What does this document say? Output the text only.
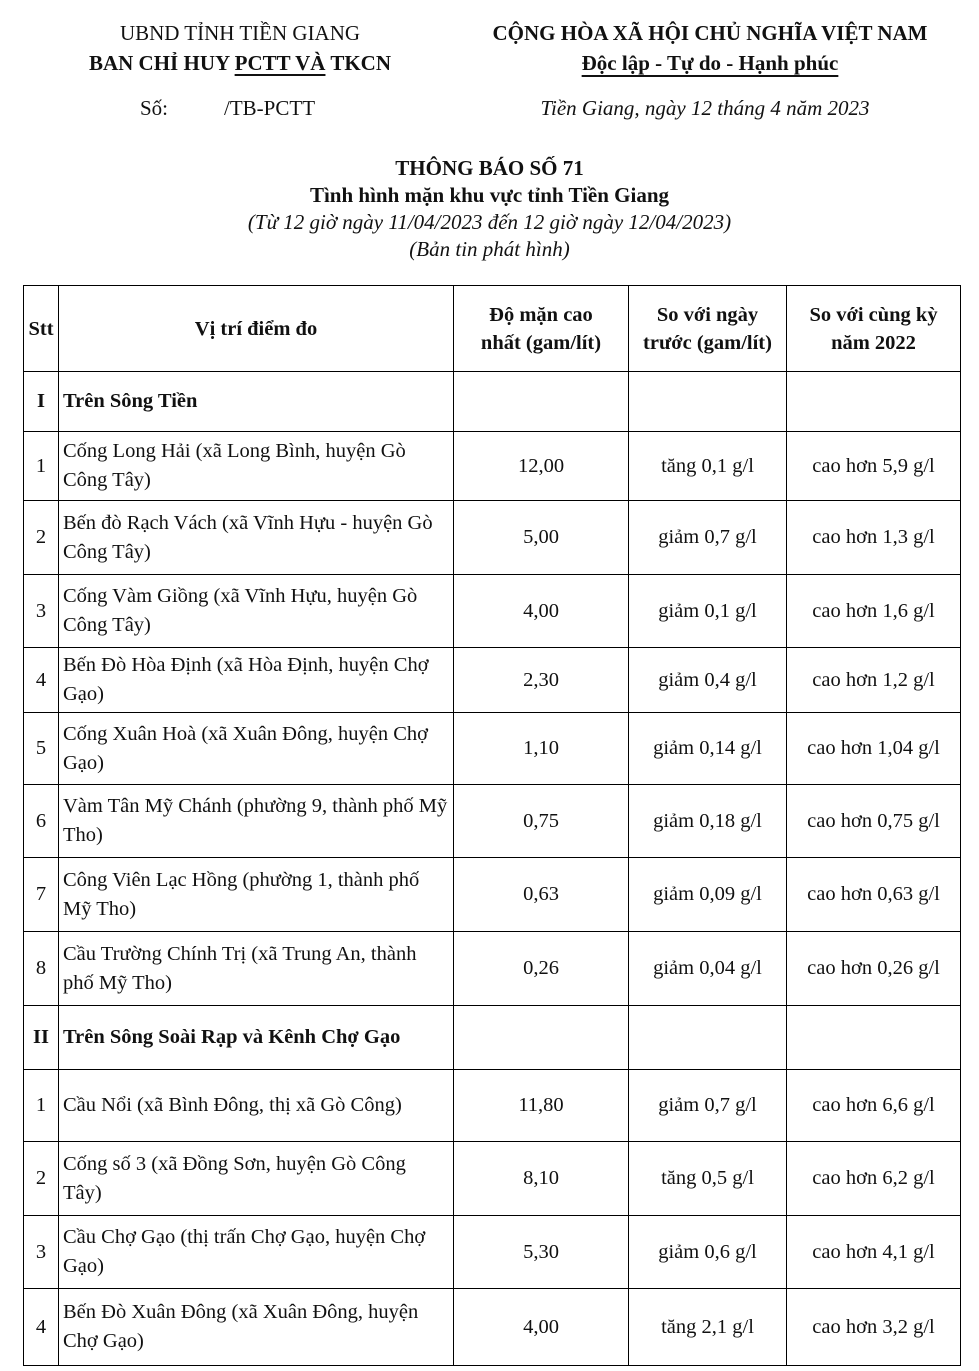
UBND TỈNH TIỀN GIANG
BAN CHỈ HUY PCTT VÀ TKCN
CỘNG HÒA XÃ HỘI CHỦ NGHĨA VIỆT NAM
Độc lập - Tự do - Hạnh phúc
Số:	/TB-PCTT	Tiền Giang, ngày 12 tháng 4 năm 2023
THÔNG BÁO SỐ 71
Tình hình mặn khu vực tỉnh Tiền Giang
(Từ 12 giờ ngày 11/04/2023 đến 12 giờ ngày 12/04/2023)
(Bản tin phát hình)
Stt	Vị trí điểm đo	Độ mặn cao nhất (gam/lít)	So với ngày trước (gam/lít)	So với cùng kỳ năm 2022
I	Trên Sông Tiền			
1	Cống Long Hải (xã Long Bình, huyện Gò Công Tây)	12,00	tăng 0,1 g/l	cao hơn 5,9 g/l
2	Bến đò Rạch Vách (xã Vĩnh Hựu - huyện Gò Công Tây)	5,00	giảm 0,7 g/l	cao hơn 1,3 g/l
3	Cống Vàm Giồng (xã Vĩnh Hựu, huyện Gò Công Tây)	4,00	giảm 0,1 g/l	cao hơn 1,6 g/l
4	Bến Đò Hòa Định (xã Hòa Định, huyện Chợ Gạo)	2,30	giảm 0,4 g/l	cao hơn 1,2 g/l
5	Cống Xuân Hoà (xã Xuân Đông, huyện Chợ Gạo)	1,10	giảm 0,14 g/l	cao hơn 1,04 g/l
6	Vàm Tân Mỹ Chánh (phường 9, thành phố Mỹ Tho)	0,75	giảm 0,18 g/l	cao hơn 0,75 g/l
7	Công Viên Lạc Hồng (phường 1, thành phố Mỹ Tho)	0,63	giảm 0,09 g/l	cao hơn 0,63 g/l
8	Cầu Trường Chính Trị (xã Trung An, thành phố Mỹ Tho)	0,26	giảm 0,04 g/l	cao hơn 0,26 g/l
II	Trên Sông Soài Rạp và Kênh Chợ Gạo			
1	Cầu Nổi (xã Bình Đông, thị xã Gò Công)	11,80	giảm 0,7 g/l	cao hơn 6,6 g/l
2	Cống số 3 (xã Đồng Sơn, huyện Gò Công Tây)	8,10	tăng 0,5 g/l	cao hơn 6,2 g/l
3	Cầu Chợ Gạo (thị trấn Chợ Gạo, huyện Chợ Gạo)	5,30	giảm 0,6 g/l	cao hơn 4,1 g/l
4	Bến Đò Xuân Đông (xã Xuân Đông, huyện Chợ Gạo)	4,00	tăng 2,1 g/l	cao hơn 3,2 g/l
